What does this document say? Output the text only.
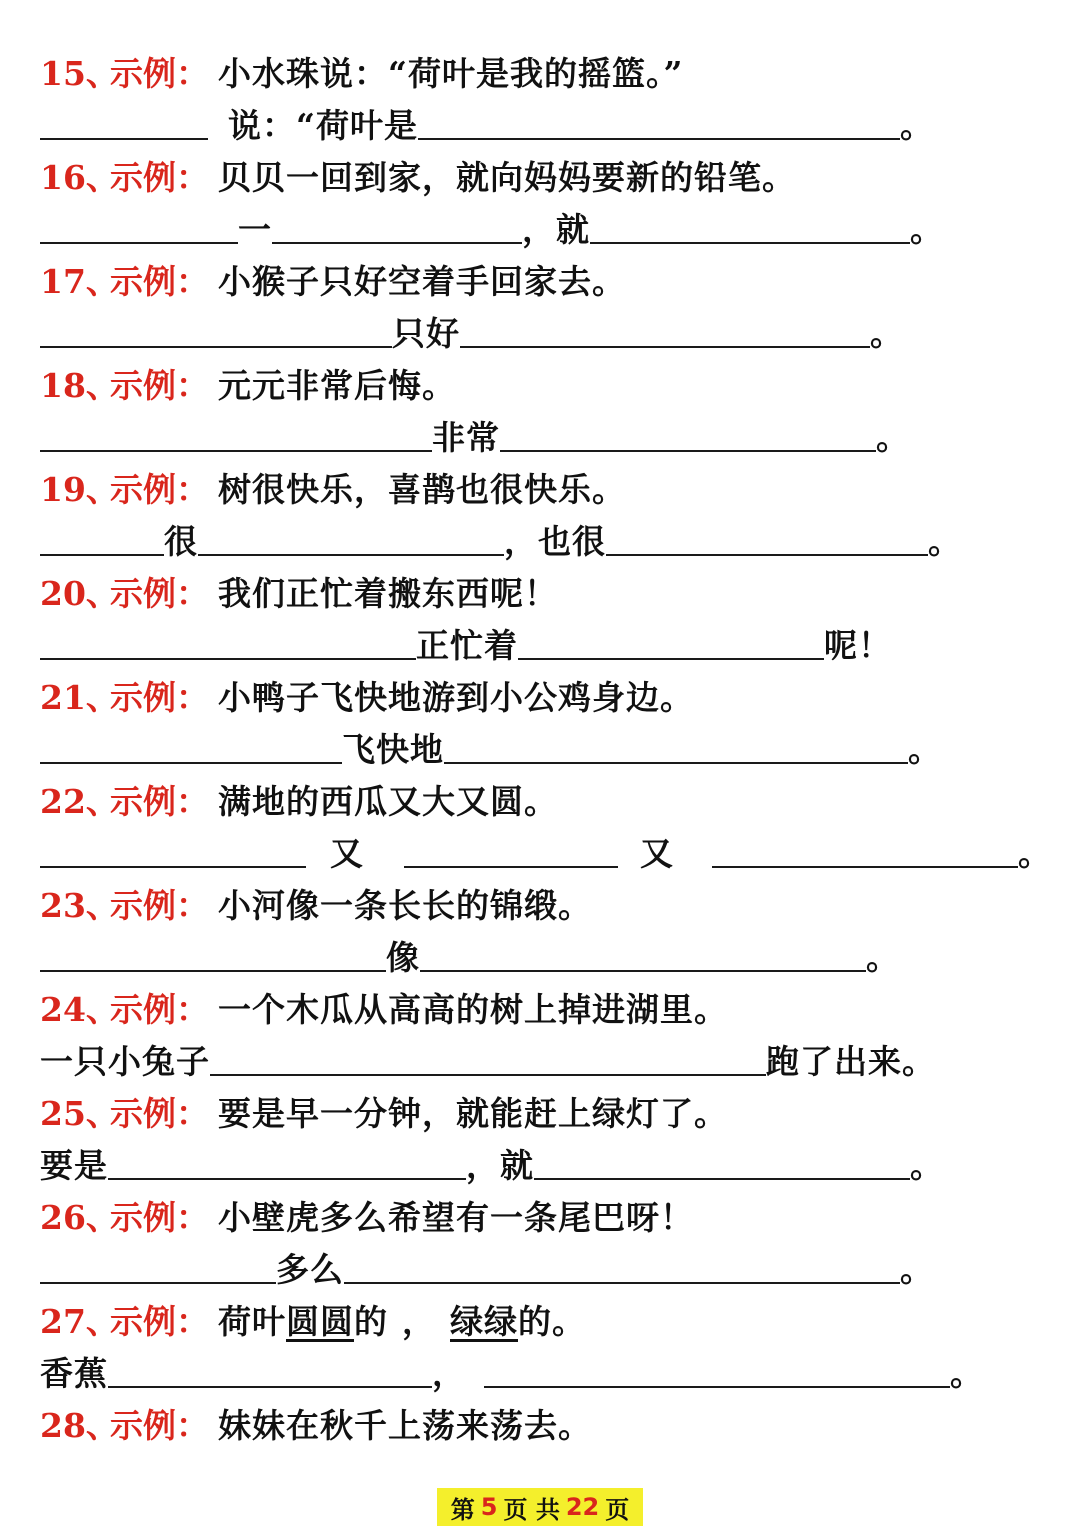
15、
示例： 小水珠说：“荷叶是我的摇篮。”
说：“荷叶是	。
16、
示例： 贝贝一回到家，就向妈妈要新的铅笔。
一	，就	。
17、
示例： 小猴子只好空着手回家去。
只好	。
18、
示例： 元元非常后悔。
非常	。
19、
示例： 树很快乐，喜鹊也很快乐。
很	，也很	。
20、
示例： 我们正忙着搬东西呢！
正忙着	呢！
21、
示例： 小鸭子飞快地游到小公鸡身边。
飞快地	。
22、
示例： 满地的西瓜又大又圆。
又	又	。
23、
示例： 小河像一条长长的锦缎。
像	。
24、
示例： 一个木瓜从高高的树上掉进湖里。
一只小兔子	跑了出来。
25、
示例： 要是早一分钟，就能赶上绿灯了。
要是	，就	。
26、
示例： 小壁虎多么希望有一条尾巴呀！
多么	。
27、
示例： 荷叶圆圆的 ， 绿绿的。
香蕉	，	。
28、
示例： 妹妹在秋千上荡来荡去。
第 5 页 共 22 页
